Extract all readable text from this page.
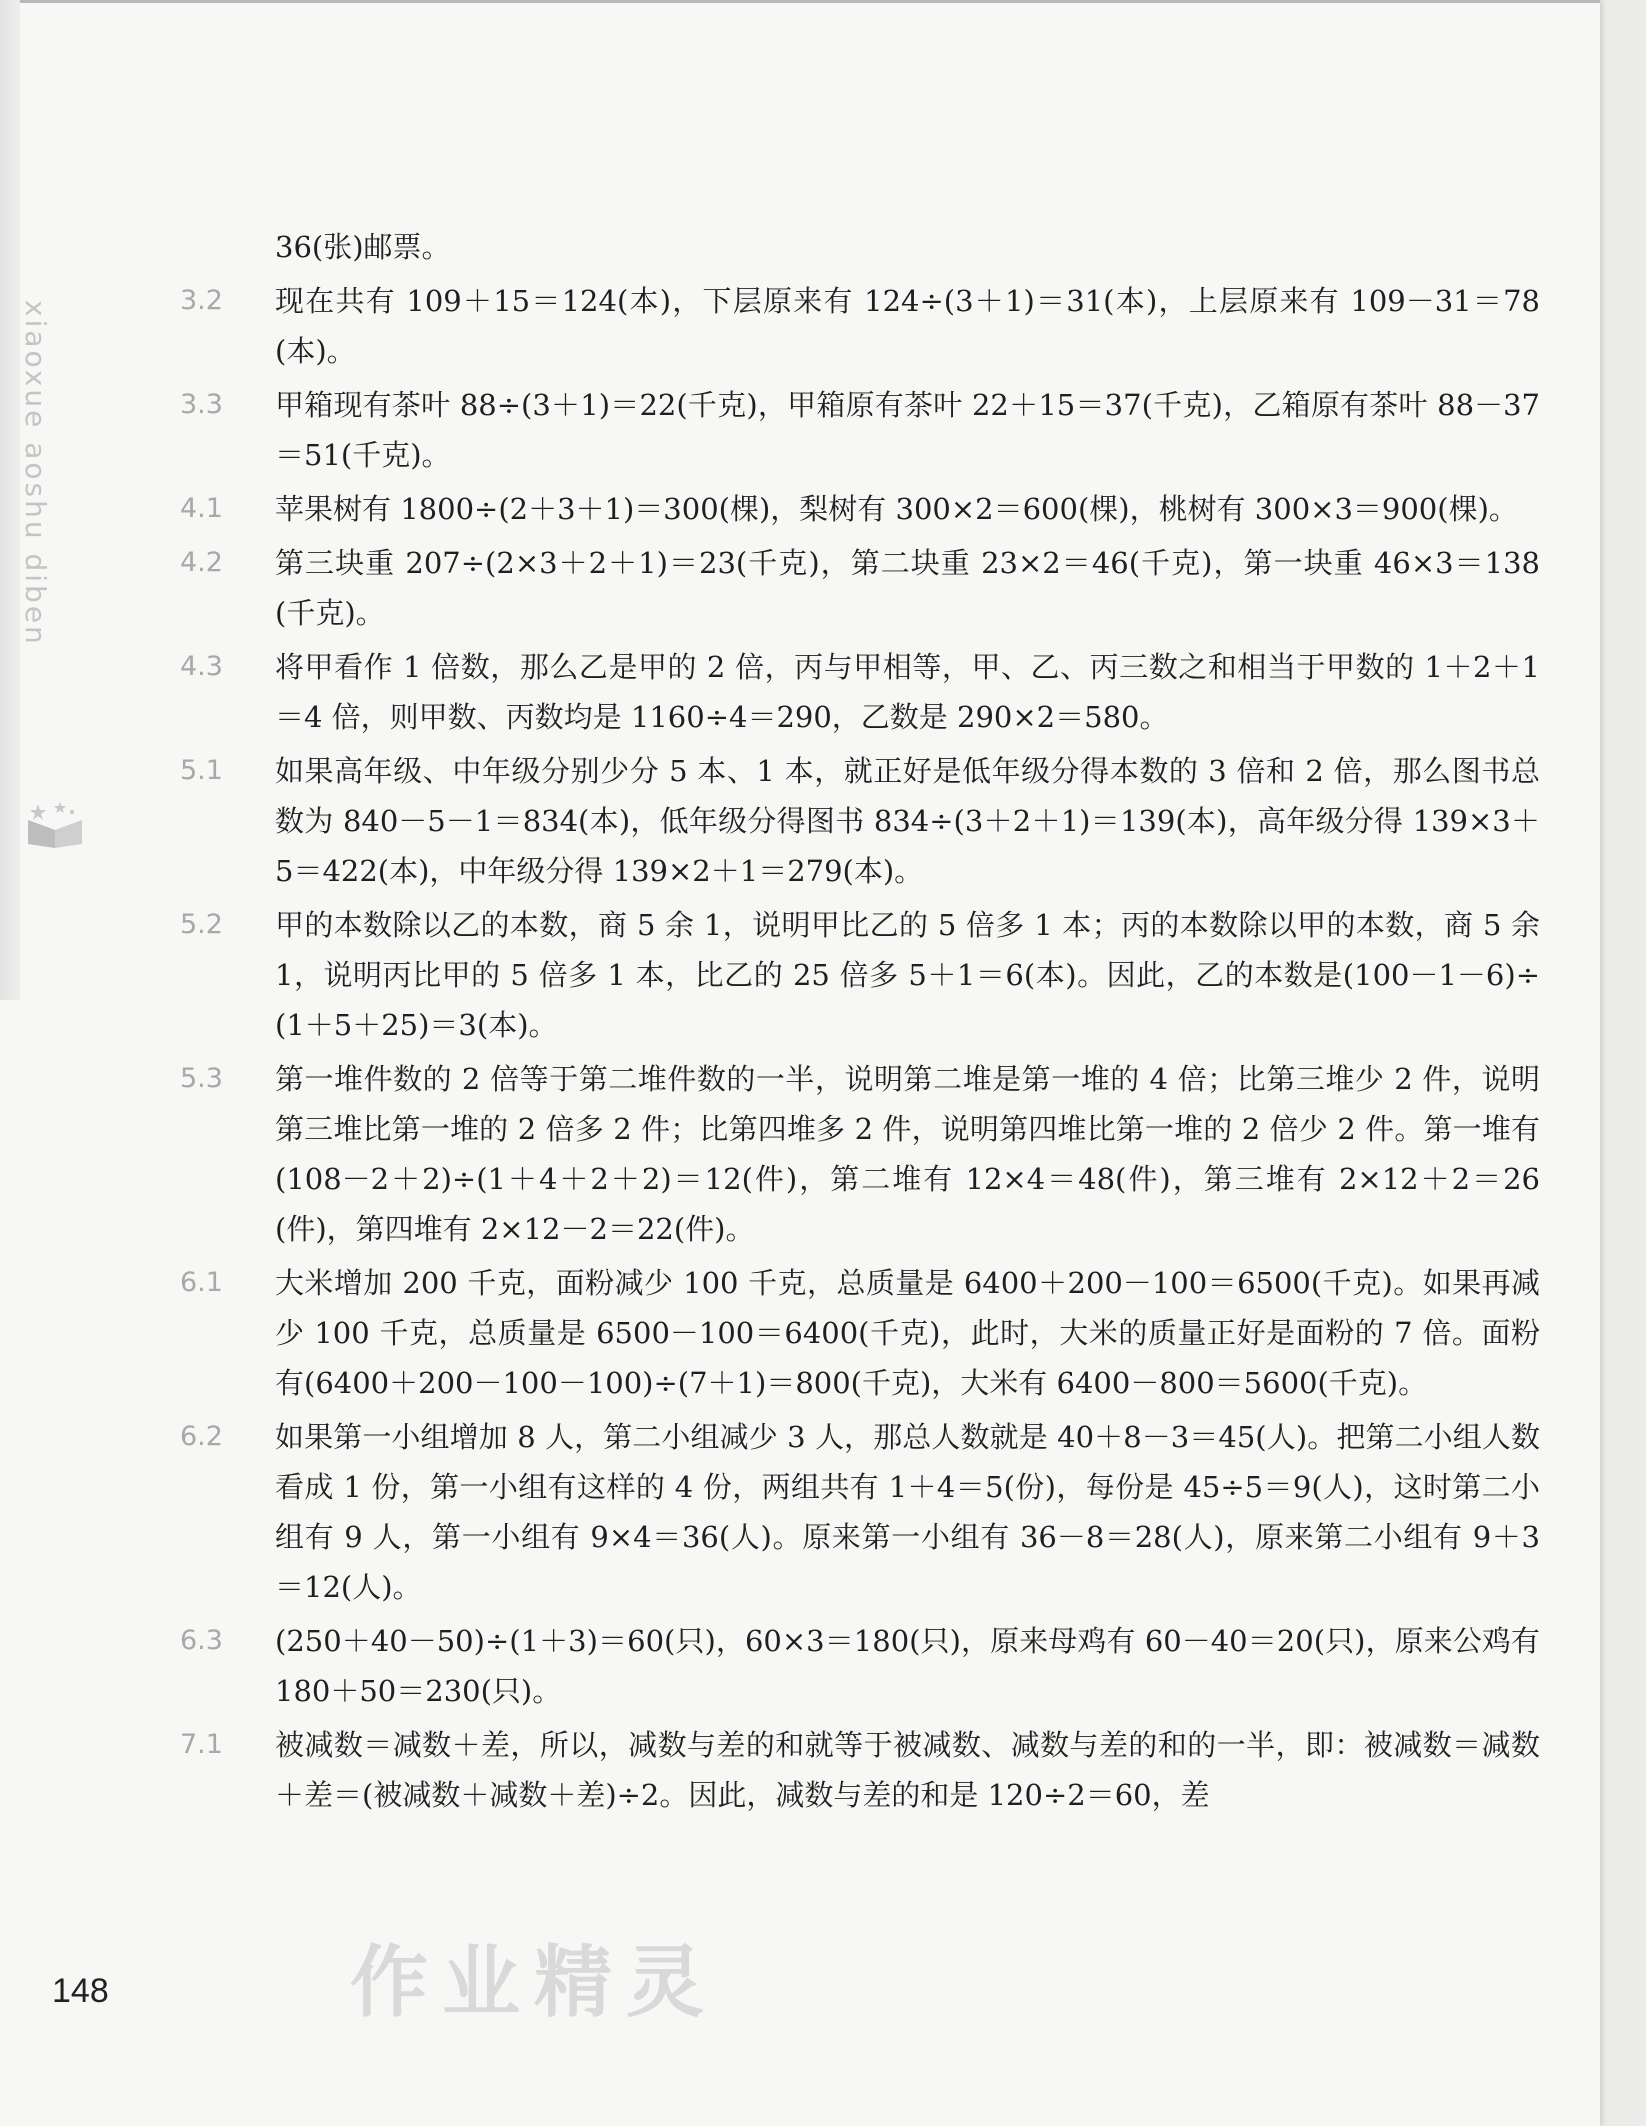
xiaoxue aoshu diben

36(张)邮票。

3.2	现在共有 109＋15＝124(本)，下层原来有 124÷(3＋1)＝31(本)，上层原来有 109－31＝78(本)。

3.3	甲箱现有茶叶 88÷(3＋1)＝22(千克)，甲箱原有茶叶 22＋15＝37(千克)，乙箱原有茶叶 88－37＝51(千克)。

4.1	苹果树有 1800÷(2＋3＋1)＝300(棵)，梨树有 300×2＝600(棵)，桃树有 300×3＝900(棵)。

4.2	第三块重 207÷(2×3＋2＋1)＝23(千克)，第二块重 23×2＝46(千克)，第一块重 46×3＝138(千克)。

4.3	将甲看作 1 倍数，那么乙是甲的 2 倍，丙与甲相等，甲、乙、丙三数之和相当于甲数的 1＋2＋1＝4 倍，则甲数、丙数均是 1160÷4＝290，乙数是 290×2＝580。

5.1	如果高年级、中年级分别少分 5 本、1 本，就正好是低年级分得本数的 3 倍和 2 倍，那么图书总数为 840－5－1＝834(本)，低年级分得图书 834÷(3＋2＋1)＝139(本)，高年级分得 139×3＋5＝422(本)，中年级分得 139×2＋1＝279(本)。

5.2	甲的本数除以乙的本数，商 5 余 1，说明甲比乙的 5 倍多 1 本；丙的本数除以甲的本数，商 5 余 1，说明丙比甲的 5 倍多 1 本，比乙的 25 倍多 5＋1＝6(本)。因此，乙的本数是(100－1－6)÷(1＋5＋25)＝3(本)。

5.3	第一堆件数的 2 倍等于第二堆件数的一半，说明第二堆是第一堆的 4 倍；比第三堆少 2 件，说明第三堆比第一堆的 2 倍多 2 件；比第四堆多 2 件，说明第四堆比第一堆的 2 倍少 2 件。第一堆有(108－2＋2)÷(1＋4＋2＋2)＝12(件)，第二堆有 12×4＝48(件)，第三堆有 2×12＋2＝26(件)，第四堆有 2×12－2＝22(件)。

6.1	大米增加 200 千克，面粉减少 100 千克，总质量是 6400＋200－100＝6500(千克)。如果再减少 100 千克，总质量是 6500－100＝6400(千克)，此时，大米的质量正好是面粉的 7 倍。面粉有(6400＋200－100－100)÷(7＋1)＝800(千克)，大米有 6400－800＝5600(千克)。

6.2	如果第一小组增加 8 人，第二小组减少 3 人，那总人数就是 40＋8－3＝45(人)。把第二小组人数看成 1 份，第一小组有这样的 4 份，两组共有 1＋4＝5(份)，每份是 45÷5＝9(人)，这时第二小组有 9 人，第一小组有 9×4＝36(人)。原来第一小组有 36－8＝28(人)，原来第二小组有 9＋3＝12(人)。

6.3	(250＋40－50)÷(1＋3)＝60(只)，60×3＝180(只)，原来母鸡有 60－40＝20(只)，原来公鸡有 180＋50＝230(只)。

7.1	被减数＝减数＋差，所以，减数与差的和就等于被减数、减数与差的和的一半，即：被减数＝减数＋差＝(被减数＋减数＋差)÷2。因此，减数与差的和是 120÷2＝60，差

作业精灵
148
